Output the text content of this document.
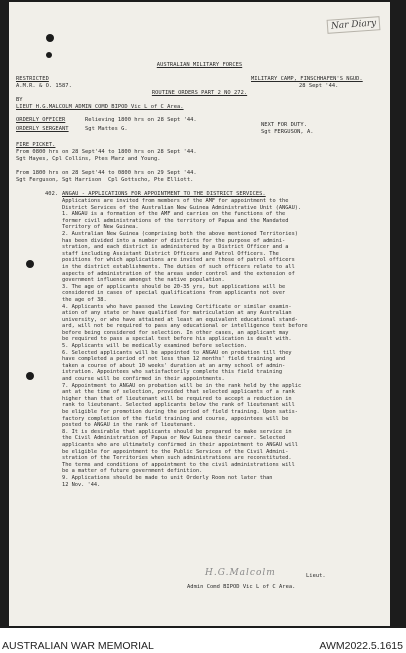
Nar Diary
AUSTRALIAN MILITARY FORCES
RESTRICTED
A.M.R. & O. 1587.
MILITARY CAMP, FINSCHHAFEN'S NGUD.
28 Sept '44.
ROUTINE ORDERS PART 2 NO 272.
BY
LIEUT H.G.MALCOLM ADMIN COMD BIPOD Vic L of C Area.
ORDERLY OFFICER	Relieving 1800 hrs on 28 Sept '44.
ORDERLY SERGEANT	Sgt Mattes G.
NEXT FOR DUTY.
Sgt FERGUSON, A.
FIRE PICKET.
From 0800 hrs on 28 Sept'44 to 1800 hrs on 28 Sept '44.
Sgt Hayes, Cpl Collins, Ptes Marz and Young.
From 1800 hrs on 28 Sept'44 to 0800 hrs on 29 Sept '44.
Sgt Ferguson, Sgt Harrison  Cpl Gottscho, Pte Elliott.
402. ANGAU - APPLICATIONS FOR APPOINTMENT TO THE DISTRICT SERVICES.
Applications are invited from members of the AMF for appointment to the
District Services of the Australian New Guinea Administrative Unit (ANGAU).
1. ANGAU is a formation of the AMF and carries on the functions of the
former civil administrations of the territory of Papua and the Mandated
Territory of New Guinea.
2. Australian New Guinea (comprising both the above mentioned Territories)
has been divided into a number of districts for the purpose of admini-
stration, and each district is administered by a District Officer and a
staff including Assistant District Officers and Patrol Officers. The
positions for which applications are invited are those of patrol officers
in the district establishments. The duties of such officers relate to all
aspects of administration of the areas under control and the extension of
government influence amongst the native population.
3. The age of applicants should be 20-35 yrs, but applications will be
considered in cases of special qualifications from applicants not over
the age of 38.
4. Applicants who have passed the Leaving Certificate or similar examin-
ation of any state or have qualified for matriculation at any Australian
university, or who have attained at least an equivalent educational stand-
ard, will not be required to pass any educational or intelligence test before
before being considered for selection. In other cases, an applicant may
be required to pass a special test before his application is dealt with.
5. Applicants will be medically examined before selection.
6. Selected applicants will be appointed to ANGAU on probation till they
have completed a period of not less than 12 months' field training and
taken a course of about 10 weeks' duration at an army school of admin-
istration. Appointees who satisfactorily complete this field training
and course will be confirmed in their appointments.
7. Appointment to ANGAU on probation will be in the rank held by the applic
ant at the time of selection, provided that selected applicants of a rank
higher than that of lieutenant will be required to accept a reduction in
rank to lieutenant. Selected applicants below the rank of lieutenant will
be eligible for promotion during the period of field training. Upon satis-
factory completion of the field training and course, appointees will be
posted to ANGAU in the rank of lieutenant.
8. It is desirable that applicants should be prepared to make service in
the Civil Administration of Papua or New Guinea their career. Selected
applicants who are ultimately confirmed in their appointment to ANGAU will
be eligible for appointment to the Public Services of the Civil Admini-
stration of the Territories when such administrations are reconstituted.
The terms and conditions of appointment to the civil administrations will
be a matter of future government definition.
9. Applications should be made to unit Orderly Room not later than
12 Nov. '44.
H.G.Malcolm	Lieut.
Admin Comd BIPOD Vic L of C Area.
AUSTRALIAN WAR MEMORIAL	AWM2022.5.1615
